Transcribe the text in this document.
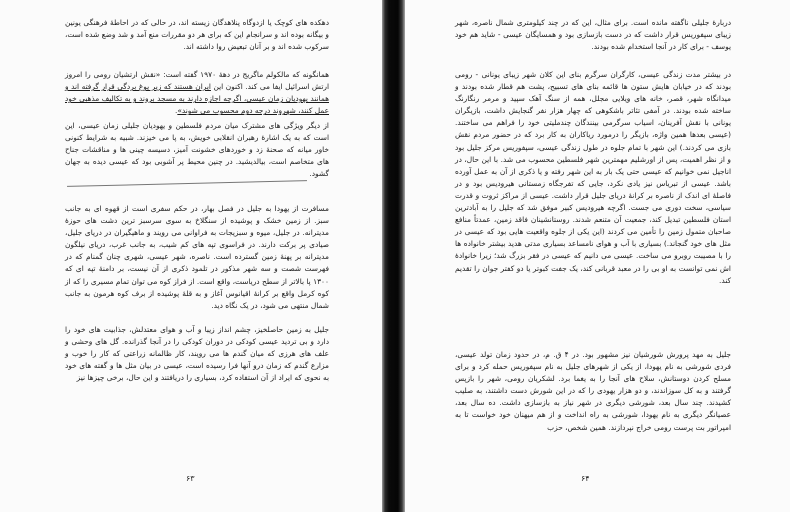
دهکده های کوچک یا ازدوگاه پنلاهدگان زیسته اند، در حالی که در احاطهٔ فرهنگی یونین و بیگانه بوده اند و سرانجام این که برای هر دو مقررات منع آمد و شد وضع شده است، سرکوب شده اند و بر آنان تبعیض روا داشته اند.

همانگونه که مالکولم ماگریج در دههٔ ۱۹۷۰ گفته است: «نقش ارتشیان رومی را امروز ارتش اسرائیل ایفا می کند. اکنون این ایران هستند که زیر یوغ بردگی قرار گرفته اند و همانند یهودیان زمان عیسی، اگرچه اجازه دارند به مسجد بروند و به تکالیف مذهبی خود عمل کنند، شهروند درجه دوم محسوب می شوند».

از دیگر ویژگی های مشترک میان مردم فلسطین و یهودیان جلیلی زمان عیسی، این است که به یک اشارهٔ رهبران انقلابی خویش، به پا می خیزند. شبیه به شرایط کنونی خاور میانه که صحنهٔ زد و خوردهای خشونت آمیز، دسیسه چینی ها و مناقشات جناح های متخاصم است، بیالدیشید. در چنین محیط پر آشوبی بود که عیسی دیده به جهان گشود.

مسافرت از یهودا به جلیل در فصل بهار، در حکم سفری است از قهوه ای به جانب سبز. از زمین خشک و پوشیده از سنگلاخ به سوی سرسبز ترین دشت های حوزهٔ مدیترانه. در جلیل، میوه و سبزیجات به فراوانی می رویند و ماهیگیران در دریای جلیل، صیادی پر برکت دارند. در فراسوی تپه های کم شیب، به جانب غرب، دریای نیلگون مدیترانه بر پهنهٔ زمین گسترده است. ناصره، شهر عیسی، شهری چنان گمنام که در فهرست شصت و سه شهر مذکور در تلمود ذکری از آن نیست، بر دامنهٔ تپه ای که ۱۳۰۰ پا بالاتر از سطح دریاست، واقع است. از فراز کوه می توان تمام مسیری را که از کوه کرمل واقع بر کرانهٔ اقیانوس آغاز و به قلهٔ پوشیده از برف کوه هرمون به جانب شمال منتهی می شود، در یک نگاه دید.

جلیل به زمین حاصلخیز، چشم انداز زیبا و آب و هوای معتدلش، جذابیت های خود را دارد و بی تردید عیسی کودکی در دوران کودکی را در آنجا گذرانده. گل های وحشی و علف های هرزی که میان گندم ها می رویند، کار ظالمانه زراعتی که کار را خوب و مزارع گندم که زمان درو آنها فرا رسیده است، عیسی در بیان مثل ها و گفته های خود به نحوی که ایراد از آن استفاده کرد، بسیاری را دریافتند و این حال، برخی چیزها نیز

۶۳

دربارهٔ جلیلی ناگفته مانده است. برای مثال، این که در چند کیلومتری شمال ناصره، شهر زیبای سپفوریس قرار داشت که در دست بازسازی بود و همسایگان عیسی - شاید هم خود یوسف - برای کار در آنجا استخدام شده بودند.

در بیشتر مدت زندگی عیسی، کارگران سرگرم بنای این کلان شهر زیبای یونانی - رومی بودند که در خیابان هایش ستون ها قائمه بنای های تسبیح، پشت هم قطار شده بودند و میدانگاه شهر، قصر، خانه های ویلایی مجلل، همه از سنگ آهک سپید و مرمر رنگارنگ ساخته شده بودند. در آمفی تئاتر باشکوهی که چهار هزار نفر گنجایش داشت، بازیگران یونانی با نقش آفرینان، اسیاب سرگرمی بینندگان چندملیتی خود را فراهم می ساختند. (عیسی بعدها همین واژه، بازیگر را درمورد ریاکاران به کار برد که در حضور مردم نقش بازی می کردند.) این شهر با تمام جلوه در طول زندگی عیسی، سپفوریس مرکز جلیل بود و از نظر اهمیت، پس از اورشلیم مهمترین شهر فلسطین محسوب می شد. با این حال، در اناجیل نمی خوانیم که عیسی حتی یک بار به این شهر رفته و یا ذکری از آن به عمل آورده باشد. عیسی از تبریاس نیز یادی نکرد، جایی که تفرجگاه زمستانی هیرودیس بود و در فاصلهٔ ای اندک از ناصره بر کرانهٔ دریای جلیل قرار داشت. عیسی از مراکز ثروت و قدرت سیاسی، سخت دوری می جست. اگرچه هیرودیس کبیر موفق شد که جلیل را به آبادترین استان فلسطین تبدیل کند، جمعیت آن متنعم شدند. روستانشینان فاقد زمین، عمدتاً منافع صاحبان متمول زمین را تأمین می کردند (این یکی از جلوه واقعیت هایی بود که عیسی در مثل های خود گنجاند.) بسیاری با آب و هوای نامساعد بسیاری مدتی هدید بیشتر خانواده ها را با مصیبت روبرو می ساخت. عیسی می دانیم که عیسی در فقر بزرگ شد؛ زیرا خانوادهٔ اش نمی توانست به او بی را در معبد قربانی کند، یک جفت کبوتر یا دو کفتر جوان را تقدیم کند.

جلیل به مهد پرورش شورشیان نیز مشهور بود. در ۴ ق. م، در حدود زمان تولد عیسی، فردی شورشی به نام یهودا، از یکی از شهرهای جلیل به نام سپفوریس حمله کرد و برای مسلح کردن دوستانش، سلاح های آنجا را به یغما برد. لشکریان رومی، شهر را بازپس گرفتند و به کل سوزاندند، و دو هزار یهودی را که در این شورش دست داشتند، به صلیب کشیدند. چند سال بعد، شورشی دیگری در شهر نیاز به بازسازی داشت. ده سال بعد، عصیانگر دیگری به نام یهودا، شورشی به راه انداخت و از هم میهنان خود خواست تا به امپراتور بت پرست رومی خراج نپردازند. همین شخص، حزب

۶۴
